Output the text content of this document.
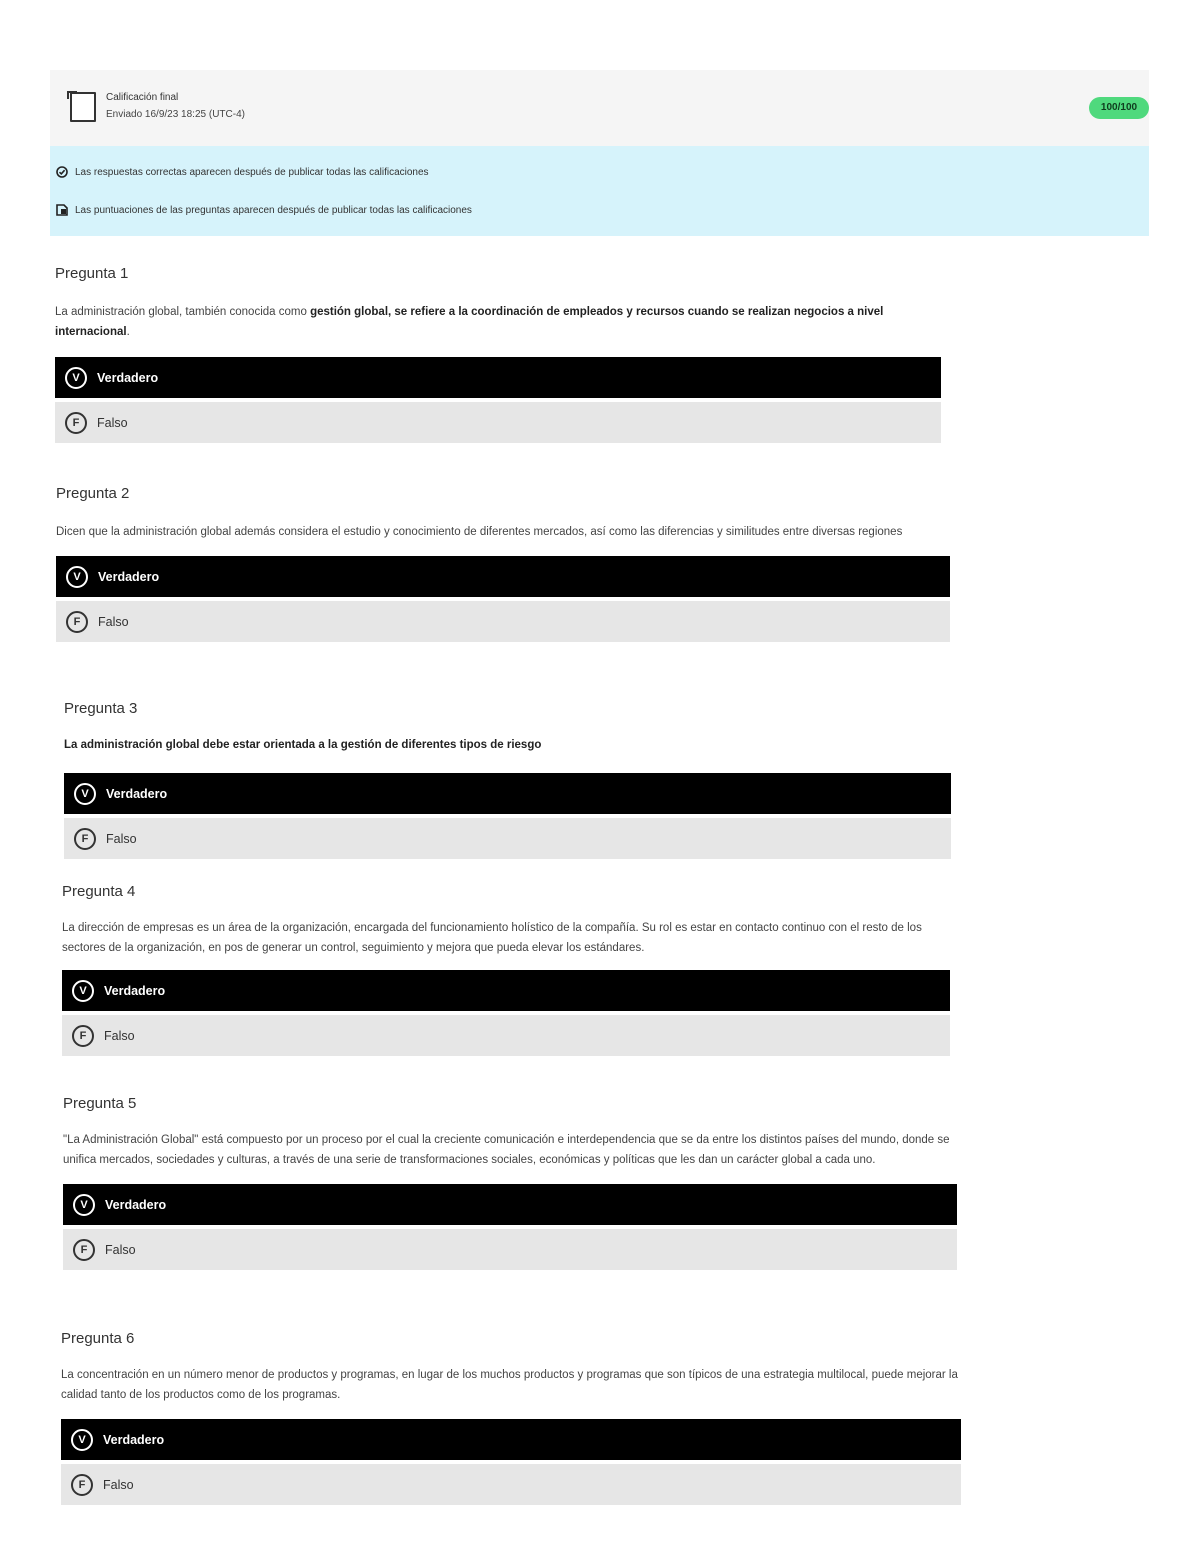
Calificación final
Enviado 16/9/23 18:25 (UTC-4)
100/100
Las respuestas correctas aparecen después de publicar todas las calificaciones
Las puntuaciones de las preguntas aparecen después de publicar todas las calificaciones
Pregunta 1
La administración global, también conocida como gestión global, se refiere a la coordinación de empleados y recursos cuando se realizan negocios a nivel internacional.
V	Verdadero
F	Falso
Pregunta 2
Dicen que la administración global además considera el estudio y conocimiento de diferentes mercados, así como las diferencias y similitudes entre diversas regiones
V	Verdadero
F	Falso
Pregunta 3
La administración global debe estar orientada a la gestión de diferentes tipos de riesgo
V	Verdadero
F	Falso
Pregunta 4
La dirección de empresas es un área de la organización, encargada del funcionamiento holístico de la compañía. Su rol es estar en contacto continuo con el resto de los sectores de la organización, en pos de generar un control, seguimiento y mejora que pueda elevar los estándares.
V	Verdadero
F	Falso
Pregunta 5
"La Administración Global" está compuesto por un proceso por el cual la creciente comunicación e interdependencia que se da entre los distintos países del mundo, donde se unifica mercados, sociedades y culturas, a través de una serie de transformaciones sociales, económicas y políticas que les dan un carácter global a cada uno.
V	Verdadero
F	Falso
Pregunta 6
La concentración en un número menor de productos y programas, en lugar de los muchos productos y programas que son típicos de una estrategia multilocal, puede mejorar la calidad tanto de los productos como de los programas.
V	Verdadero
F	Falso
